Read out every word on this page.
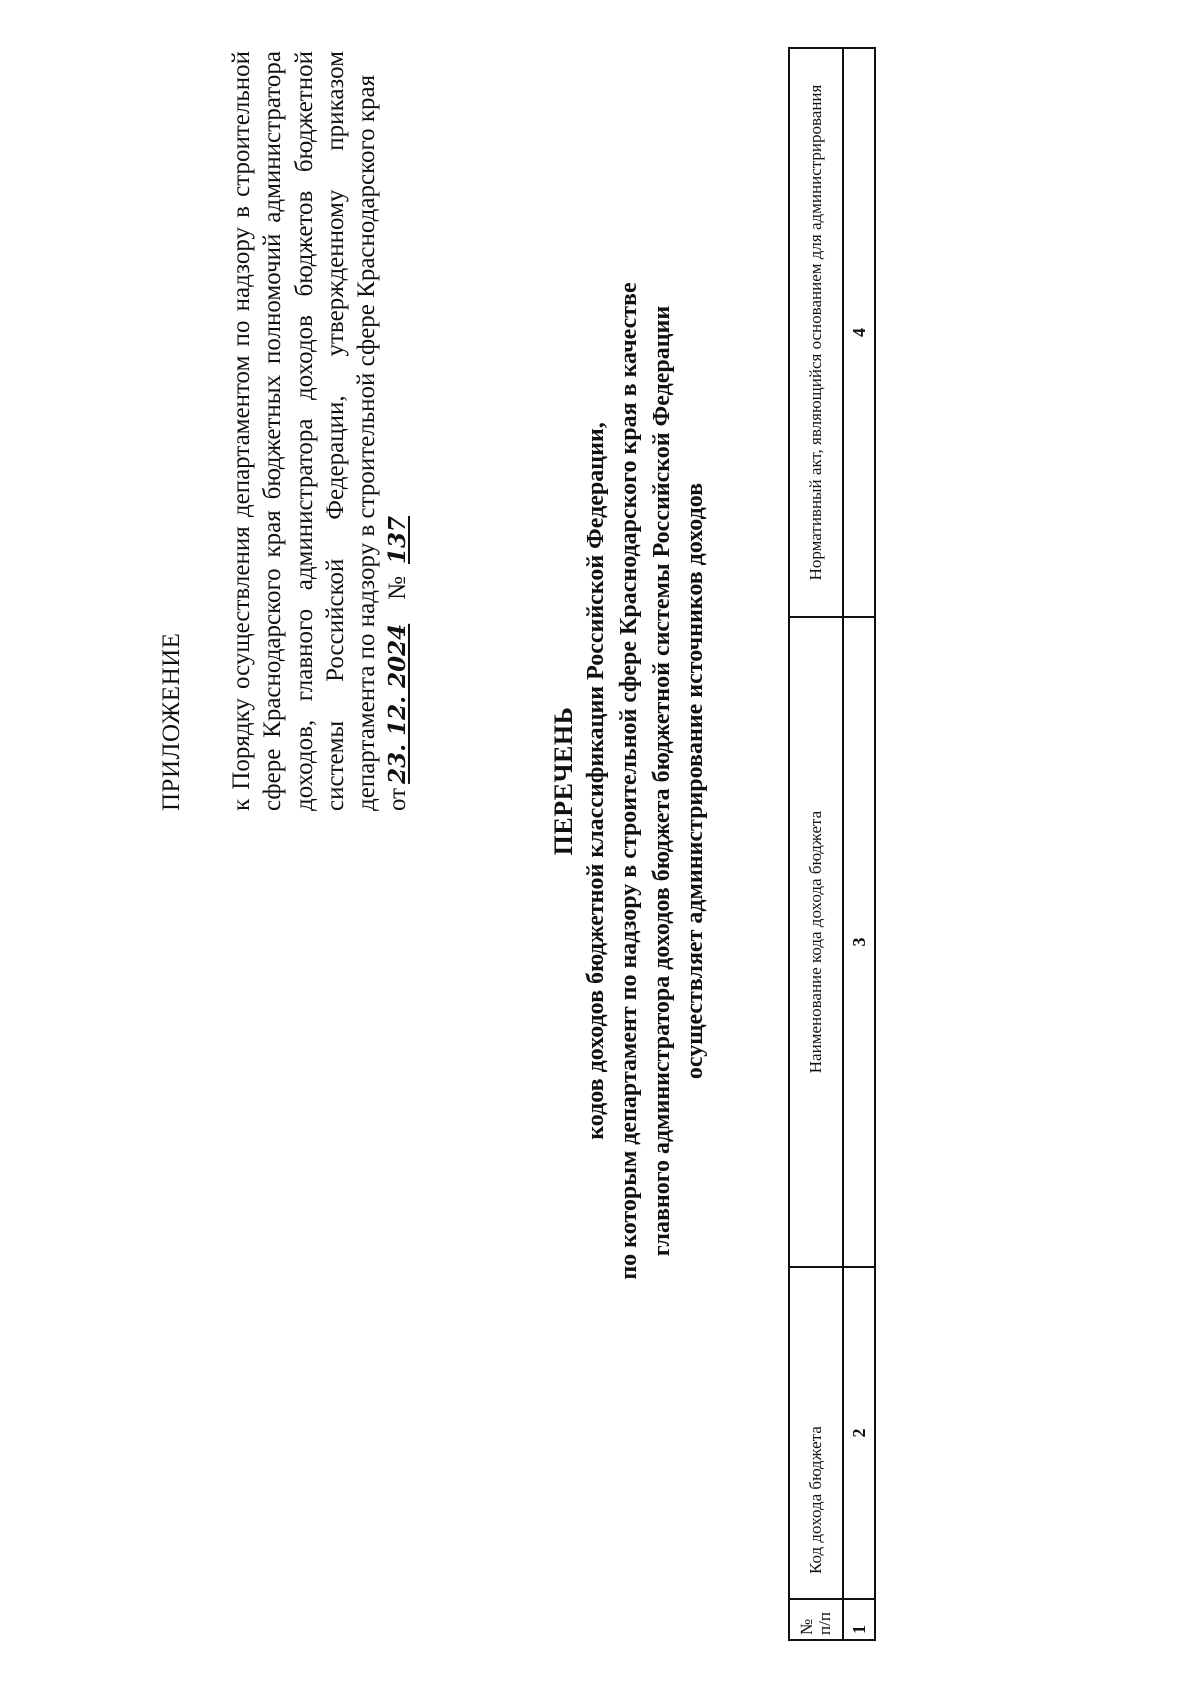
ПРИЛОЖЕНИЕ к Порядку осуществления департаментом по надзору в строительной сфере Краснодарского края бюджетных полномочий администратора доходов, главного администратора доходов бюджетов бюджетной системы Российской Федерации, утвержденному приказом департамента по надзору в строительной сфере Краснодарского края от23. 12. 2024№137
ПЕРЕЧЕНЬ кодов доходов бюджетной классификации Российской Федерации, по которым департамент по надзору в строительной сфере Краснодарского края в качестве главного администратора доходов бюджета бюджетной системы Российской Федерации осуществляет администрирование источников доходов
№ п/п	Код дохода бюджета	Наименование кода дохода бюджета	Нормативный акт, являющийся основанием для администрирования
1	2	3	4
